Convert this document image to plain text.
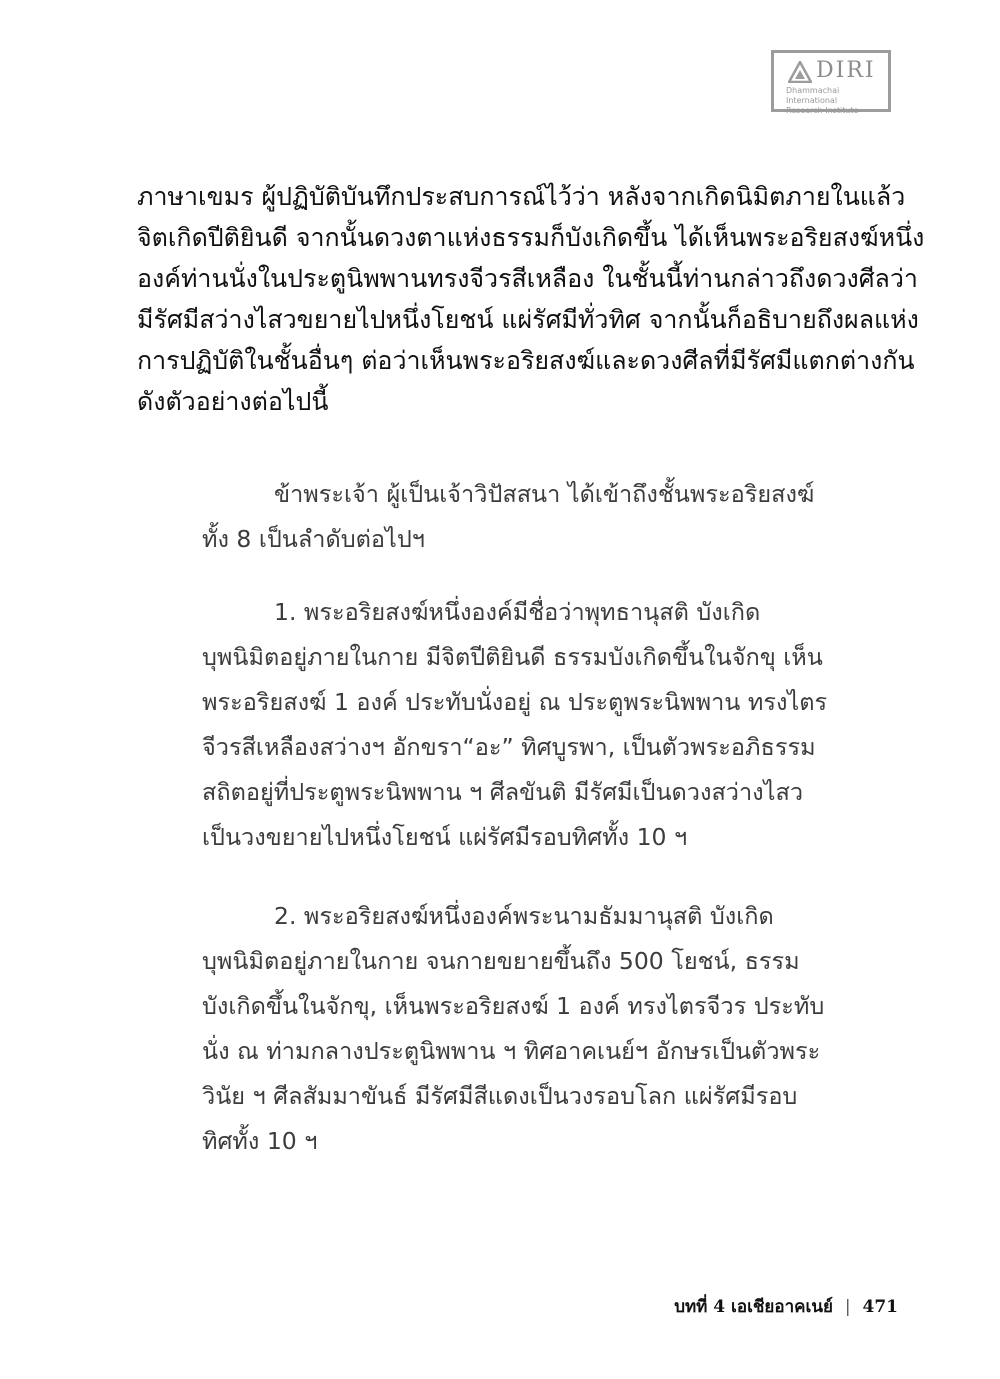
DIRI
Dhammachai International
Research Institute
ภาษาเขมร ผู้ปฏิบัติบันทึกประสบการณ์ไว้ว่า หลังจากเกิดนิมิตภายในแล้ว
จิตเกิดปีติยินดี จากนั้นดวงตาแห่งธรรมก็บังเกิดขึ้น ได้เห็นพระอริยสงฆ์หนึ่ง
องค์ท่านนั่งในประตูนิพพานทรงจีวรสีเหลือง ในชั้นนี้ท่านกล่าวถึงดวงศีลว่า
มีรัศมีสว่างไสวขยายไปหนึ่งโยชน์ แผ่รัศมีทั่วทิศ จากนั้นก็อธิบายถึงผลแห่ง
การปฏิบัติในชั้นอื่นๆ ต่อว่าเห็นพระอริยสงฆ์และดวงศีลที่มีรัศมีแตกต่างกัน
ดังตัวอย่างต่อไปนี้
ข้าพระเจ้า ผู้เป็นเจ้าวิปัสสนา ได้เข้าถึงชั้นพระอริยสงฆ์
ทั้ง 8 เป็นลำดับต่อไปฯ
1. พระอริยสงฆ์หนึ่งองค์มีชื่อว่าพุทธานุสติ บังเกิด
บุพนิมิตอยู่ภายในกาย มีจิตปีติยินดี ธรรมบังเกิดขึ้นในจักขุ เห็น
พระอริยสงฆ์ 1 องค์ ประทับนั่งอยู่ ณ ประตูพระนิพพาน ทรงไตร
จีวรสีเหลืองสว่างฯ อักขรา“อะ” ทิศบูรพา, เป็นตัวพระอภิธรรม
สถิตอยู่ที่ประตูพระนิพพาน ฯ ศีลขันติ มีรัศมีเป็นดวงสว่างไสว
เป็นวงขยายไปหนึ่งโยชน์ แผ่รัศมีรอบทิศทั้ง 10 ฯ
2. พระอริยสงฆ์หนึ่งองค์พระนามธัมมานุสติ บังเกิด
บุพนิมิตอยู่ภายในกาย จนกายขยายขึ้นถึง 500 โยชน์, ธรรม
บังเกิดขึ้นในจักขุ, เห็นพระอริยสงฆ์ 1 องค์ ทรงไตรจีวร ประทับ
นั่ง ณ ท่ามกลางประตูนิพพาน ฯ ทิศอาคเนย์ฯ อักษรเป็นตัวพระ
วินัย ฯ ศีลสัมมาขันธ์ มีรัศมีสีแดงเป็นวงรอบโลก แผ่รัศมีรอบ
ทิศทั้ง 10 ฯ
บทที่ 4 เอเชียอาคเนย์ | 471
